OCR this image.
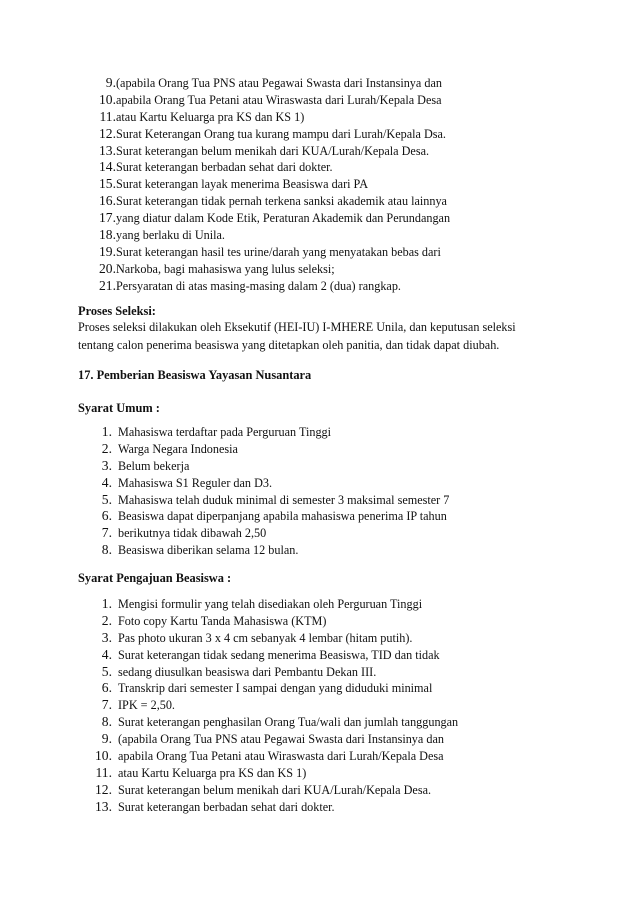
9. (apabila Orang Tua PNS atau Pegawai Swasta dari Instansinya dan
10. apabila Orang Tua Petani atau Wiraswasta dari Lurah/Kepala Desa
11. atau Kartu Keluarga pra KS dan KS 1)
12. Surat Keterangan Orang tua kurang mampu dari Lurah/Kepala Dsa.
13. Surat keterangan belum menikah dari KUA/Lurah/Kepala Desa.
14. Surat keterangan berbadan sehat dari dokter.
15. Surat keterangan layak menerima Beasiswa dari PA
16. Surat keterangan tidak pernah terkena sanksi akademik atau lainnya
17. yang diatur dalam Kode Etik, Peraturan Akademik dan Perundangan
18. yang berlaku di Unila.
19. Surat keterangan hasil tes urine/darah yang menyatakan bebas dari
20. Narkoba, bagi mahasiswa yang lulus seleksi;
21. Persyaratan di atas masing-masing dalam 2 (dua) rangkap.
Proses Seleksi:
Proses seleksi dilakukan oleh Eksekutif (HEI-IU) I-MHERE Unila, dan keputusan seleksi
tentang calon penerima beasiswa yang ditetapkan oleh panitia, dan tidak dapat diubah.
17. Pemberian Beasiswa Yayasan Nusantara
Syarat Umum :
1. Mahasiswa terdaftar pada Perguruan Tinggi
2. Warga Negara Indonesia
3. Belum bekerja
4. Mahasiswa S1 Reguler dan D3.
5. Mahasiswa telah duduk minimal di semester 3 maksimal semester 7
6. Beasiswa dapat diperpanjang apabila mahasiswa penerima IP tahun
7. berikutnya tidak dibawah 2,50
8. Beasiswa diberikan selama 12 bulan.
Syarat Pengajuan Beasiswa :
1. Mengisi formulir yang telah disediakan oleh Perguruan Tinggi
2. Foto copy Kartu Tanda Mahasiswa (KTM)
3. Pas photo ukuran 3 x 4 cm sebanyak 4 lembar (hitam putih).
4. Surat keterangan tidak sedang menerima Beasiswa, TID dan tidak
5. sedang diusulkan beasiswa dari Pembantu Dekan III.
6. Transkrip dari semester I sampai dengan yang diduduki minimal
7. IPK = 2,50.
8. Surat keterangan penghasilan Orang Tua/wali dan jumlah tanggungan
9. (apabila Orang Tua PNS atau Pegawai Swasta dari Instansinya dan
10. apabila Orang Tua Petani atau Wiraswasta dari Lurah/Kepala Desa
11. atau Kartu Keluarga pra KS dan KS 1)
12. Surat keterangan belum menikah dari KUA/Lurah/Kepala Desa.
13. Surat keterangan berbadan sehat dari dokter.
